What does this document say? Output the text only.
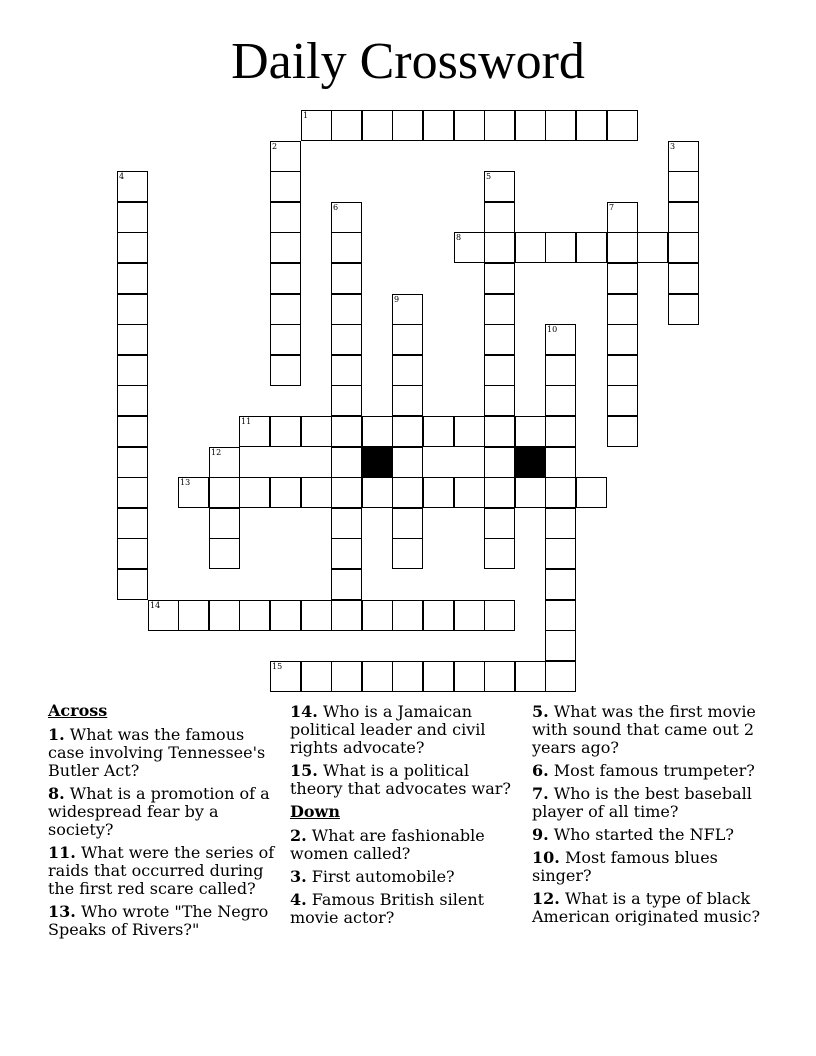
Daily Crossword
1
2	3
4	5
6	7
8
9
10
11
12
13
14
15
Across
1. What was the famous case involving Tennessee's Butler Act?
8. What is a promotion of a widespread fear by a society?
11. What were the series of raids that occurred during the first red scare called?
13. Who wrote "The Negro Speaks of Rivers?"
14. Who is a Jamaican political leader and civil rights advocate?
15. What is a political theory that advocates war?
Down
2. What are fashionable women called?
3. First automobile?
4. Famous British silent movie actor?
5. What was the first movie with sound that came out 2 years ago?
6. Most famous trumpeter?
7. Who is the best baseball player of all time?
9. Who started the NFL?
10. Most famous blues singer?
12. What is a type of black American originated music?
